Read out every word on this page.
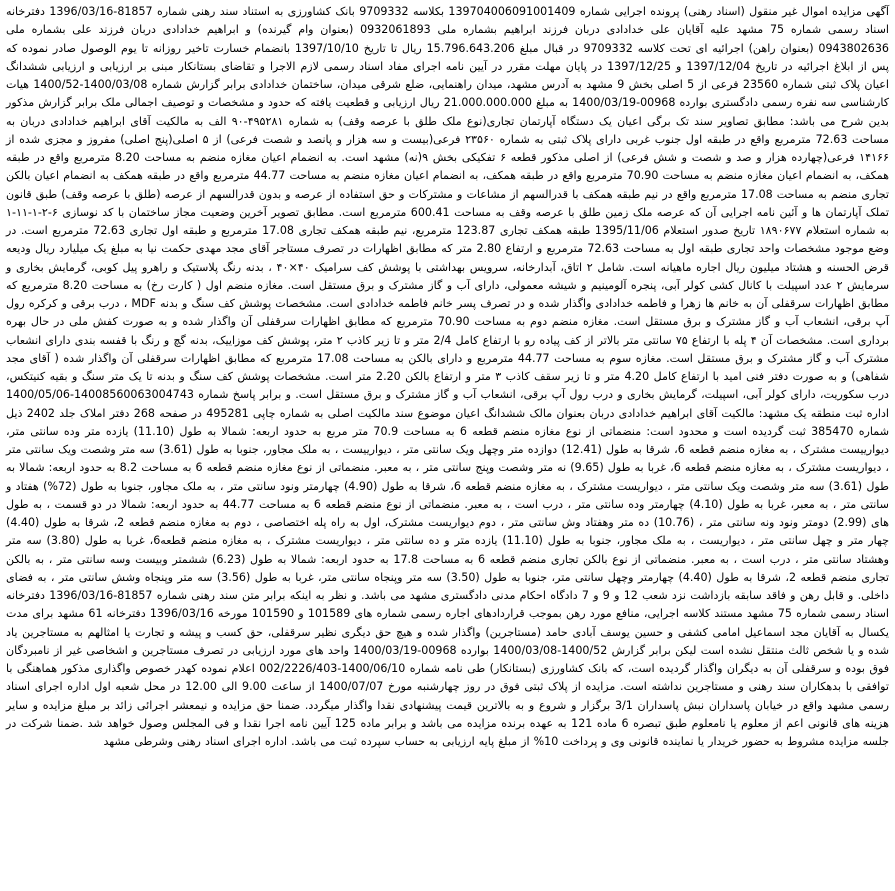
آگهی مزایده اموال غیر منقول (اسناد رهنی) پرونده اجرایی شماره 139704006091001409 بکلاسه 9709332 بانک کشاورزی به استناد سند رهنی شماره 81857-1396/03/16 دفترخانه اسناد رسمی شماره 75 مشهد علیه آقایان علی خدادادی دربان فرزند ابراهیم بشماره ملی 0932061893 (بعنوان وام گیرنده) و ابراهیم خدادادی دربان فرزند علی بشماره ملی 0943802636 (بعنوان راهن) اجرائیه ای تحت کلاسه 9709332 در قبال مبلغ 15.796.643.206 ریال تا تاریخ 1397/10/10 بانضمام خسارت تاخیر روزانه تا یوم الوصول صادر نموده که پس از ابلاغ اجرائیه در تاریخ 1397/12/04 و 1397/12/25 در پایان مهلت مقرر در آیین نامه اجرای مفاد اسناد رسمی لازم الاجرا و تقاضای بستانکار مبنی بر ارزیابی و ارزیابی ششدانگ اعیان پلاک ثبتی شماره 23560 فرعی از 5 اصلی بخش 9 مشهد به آدرس مشهد، میدان راهنمایی، ضلع شرقی میدان، ساختمان خدادادی برابر گزارش شماره 1400/03/08-1400/52 هیات کارشناسی سه نفره رسمی دادگستری بوارده 00968-1400/03/19 به مبلغ 21.000.000.000 ریال ارزیابی و قطعیت یافته که حدود و مشخصات و توصیف اجمالی ملک برابر گزارش مذکور بدین شرح می باشد: مطابق تصاویر سند تک برگی اعیان یک دستگاه آپارتمان تجاری(نوع ملک طلق با عرصه وقف) به شماره ۴۹۵۲۸۱-۹۰ الف به مالکیت آقای ابراهیم خدادادی دربان به مساحت 72.63 مترمربع واقع در طبقه اول جنوب غربی دارای پلاک ثبتی به شماره ۲۳۵۶۰ فرعی(بیست و سه هزار و پانصد و شصت فرعی) از ۵ اصلی(پنج اصلی) مفروز و مجزی شده از ۱۴۱۶۶ فرعی(چهارده هزار و صد و شصت و شش فرعی) از اصلی مذکور قطعه ۶ تفکیکی بخش ۹(نه) مشهد است. به انضمام اعیان مغازه منضم به مساحت 8.20 مترمربع واقع در طبقه همکف، به انضمام اعیان مغازه منضم به مساحت 70.90 مترمربع واقع در طبقه همکف، به انضمام اعیان مغازه منضم به مساحت 44.77 مترمربع واقع در طبقه همکف به انضمام اعیان بالکن تجاری منضم به مساحت 17.08 مترمربع واقع در نیم طبقه همکف با قدرالسهم از مشاعات و مشترکات و حق استفاده از عرصه و بدون قدرالسهم از عرصه (طلق با عرصه وقف) طبق قانون تملک آپارتمان ها و آئین نامه اجرایی آن که عرصه ملک زمین طلق با عرصه وقف به مساحت 600.41 مترمربع است. مطابق تصویر آخرین وضعیت مجاز ساختمان با کد نوسازی ۶-۲-۱-۱۱-۱ به شماره استعلام ۱۸۹۰۶۷۷ تاریخ صدور استعلام 1395/11/06 طبقه همکف تجاری 123.87 مترمربع، نیم طبقه همکف تجاری 17.08 مترمربع و طبقه اول تجاری 72.63 مترمربع است. در وضع موجود مشخصات واحد تجاری طبقه اول به مساحت 72.63 مترمربع و ارتفاع 2.80 متر که مطابق اظهارات در تصرف مستاجر آقای مجد مهدی حکمت نیا به مبلغ یک میلیارد ریال ودیعه قرض الحسنه و هشتاد میلیون ریال اجاره ماهیانه است. شامل ۲ اتاق، آبدارخانه، سرویس بهداشتی با پوشش کف سرامیک ۴۰×۴۰ ، بدنه رنگ پلاستیک و راهرو پیل کوبی، گرمایش بخاری و سرمایش ۲ عدد اسپیلت با کانال کشی کولر آبی، پنجره آلومینیم و شیشه معمولی، دارای آب و گاز مشترک و برق مستقل است. مغازه منضم اول ( کارت رخ) به مساحت 8.20 مترمربع که مطابق اظهارات سرقفلی آن به خانم ها زهرا و فاطمه خدادادی واگذار شده و در تصرف پسر خانم فاطمه خدادادی است. مشخصات پوشش کف سنگ و بدنه MDF ، درب برقی و کرکره رول آپ برقی، انشعاب آب و گاز مشترک و برق مستقل است. مغازه منضم دوم به مساحت 70.90 مترمربع که مطابق اظهارات سرقفلی آن واگذار شده و به صورت کفش ملی در حال بهره برداری است. مشخصات آن ۴ پله با ارتفاع ۷۵ سانتی متر بالاتر از کف پیاده رو با ارتفاع کامل 2/4 متر و تا زیر کاذب ۲ متر، پوشش کف موزاییک، بدنه گچ و رنگ با قفسه بندی دارای انشعاب مشترک آب و گاز مشترک و برق مستقل است. مغازه سوم به مساحت 44.77 مترمربع و دارای بالکن به مساحت 17.08 مترمربع که مطابق اظهارات سرقفلی آن واگذار شده ( آقای مجد شفاهی) و به صورت دفتر فنی امید با ارتفاع کامل 4.20 متر و تا زیر سقف کاذب ۳ متر و ارتفاع بالکن 2.20 متر است. مشخصات پوشش کف سنگ و بدنه تا یک متر سنگ و بقیه کنیتکس، درب سکوریت، دارای کولر آبی، اسپیلت، گرمایش بخاری و درب رول آپ برقی، انشعاب آب و گاز مشترک و برق مستقل است. و برابر پاسخ شماره 14008560063004743-1400/05/06 اداره ثبت منطقه یک مشهد: مالکیت آقای ابراهیم خدادادی دربان بعنوان مالک ششدانگ اعیان موضوع سند مالکیت اصلی به شماره چاپی 495281 در صفحه 268 دفتر املاک جلد 2402 ذیل شماره 385470 ثبت گردیده است و محدود است: منضماتی از نوع مغازه منضم قطعه 6 به مساحت 70.9 متر مربع به حدود اربعه: شمالا به طول (11.10) یازده متر وده سانتی متر، دیوارییست مشترک ، به مغازه منضم قطعه 6، شرقا به طول (12.41) دوازده متر وچهل ویک سانتی متر ، دیوارییست ، به ملک مجاور، جنوبا به طول (3.61) سه متر وشصت ویک سانتی متر ، دیواریست مشترک ، به مغازه منضم قطعه 6، غربا به طول (9.65) نه متر وشصت وپنج سانتی متر ، به معبر. منضماتی از نوع مغازه منضم قطعه 6 به مساحت 8.2 به حدود اربعه: شمالا به طول (3.61) سه متر وشصت ویک سانتی متر ، دیواریست مشترک ، به مغازه منضم قطعه 6، شرقا به طول (4.90) چهارمتر ونود سانتی متر ، به ملک مجاور، جنوبا به طول (72%) هفتاد و سانتی متر ، به معبر، غربا به طول (4.10) چهارمتر وده سانتی متر ، درب است ، به معبر. منضماتی از نوع منضم قطعه 6 به مساحت 44.77 به حدود اربعه: شمالا در دو قسمت ، به طول های (2.99) دومتر ونود ونه سانتی متر ، (10.76) ده متر وهفتاد وش سانتی متر ، دوم دیواریست مشترک، اول به راه پله اختصاصی ، دوم به مغازه منضم قطعه 2، شرقا به طول (4.40) چهار متر و چهل سانتی متر ، دیواریست ، به ملک مجاور، جنوبا به طول (11.10) یازده متر و ده سانتی متر ، دیواریست مشترک ، به مغازه منضم قطعه6، غربا به طول (3.80) سه متر وهشتاد سانتی متر ، درب است ، به معبر. منضماتی از نوع بالکن تجاری منضم قطعه 6 به مساحت 17.8 به حدود اربعه: شمالا به طول (6.23) ششمتر وبیست وسه سانتی متر ، به بالکن تجاری منضم قطعه 2، شرقا به طول (4.40) چهارمتر وچهل سانتی متر، جنوبا به طول (3.50) سه متر وپنجاه سانتی متر، غربا به طول (3.56) سه متر وپنجاه وشش سانتی متر ، به فضای داخلی. و قابل رهن و فاقد سابقه بازداشت نزد شعب 12 و 9 و 7 دادگاه احکام مدنی دادگستری مشهد می باشد. و نظر به اینکه برابر متن سند رهنی شماره 81857-1396/03/16 دفترخانه اسناد رسمی شماره 75 مشهد مستند کلاسه اجرایی، منافع مورد رهن بموجب قراردادهای اجاره رسمی شماره های 101589 و 101590 مورخه 1396/03/16 دفترخانه 61 مشهد برای مدت یکسال به آقایان مجد اسماعیل امامی کشفی و حسین یوسف آبادی حامد (مستاجرین) واگذار شده و هیچ حق دیگری نظیر سرقفلی، حق کسب و پیشه و تجارت یا امثالهم به مستاجرین یاد شده و یا شخص ثالث منتقل نشده است لیکن برابر گزارش 1400/52-1400/03/08 بوارده 00968-1400/03/19 واحد های مورد ارزیابی در تصرف مستاجرین و اشخاصی غیر از نامبردگان فوق بوده و سرقفلی آن به دیگران واگذار گردیده است، که بانک کشاورزی (بستانکار) طی نامه شماره 1400/06/10-002/2226/403 اعلام نموده کهدر خصوص واگذاری مذکور هماهنگی با توافقی با بدهکاران سند رهنی و مستاجرین نداشته است. مزایده از پلاک ثبتی فوق در روز چهارشنبه مورخ 1400/07/07 از ساعت 9.00 الی 12.00 در محل شعبه اول اداره اجرای اسناد رسمی مشهد واقع در خیابان پاسداران نبش پاسداران 3/1 برگزار و شروع و به بالاترین قیمت پیشنهادی نقدا واگذار میگردد. ضمنا حق مزایده و نیمعشر اجرائی زائد بر مبلغ مزایده و سایر هزینه های قانونی اعم از معلوم یا نامعلوم طبق تبصره 6 ماده 121 به عهده برنده مزایده می باشد و برابر ماده 125 آیین نامه اجرا نقدا و فی المجلس وصول خواهد شد .ضمنا شرکت در جلسه مزایده مشروط به حضور خریدار یا نماینده قانونی وی و پرداخت 10% از مبلغ پایه ارزیابی به حساب سپرده ثبت می باشد. اداره اجرای اسناد رهنی وشرطی مشهد
